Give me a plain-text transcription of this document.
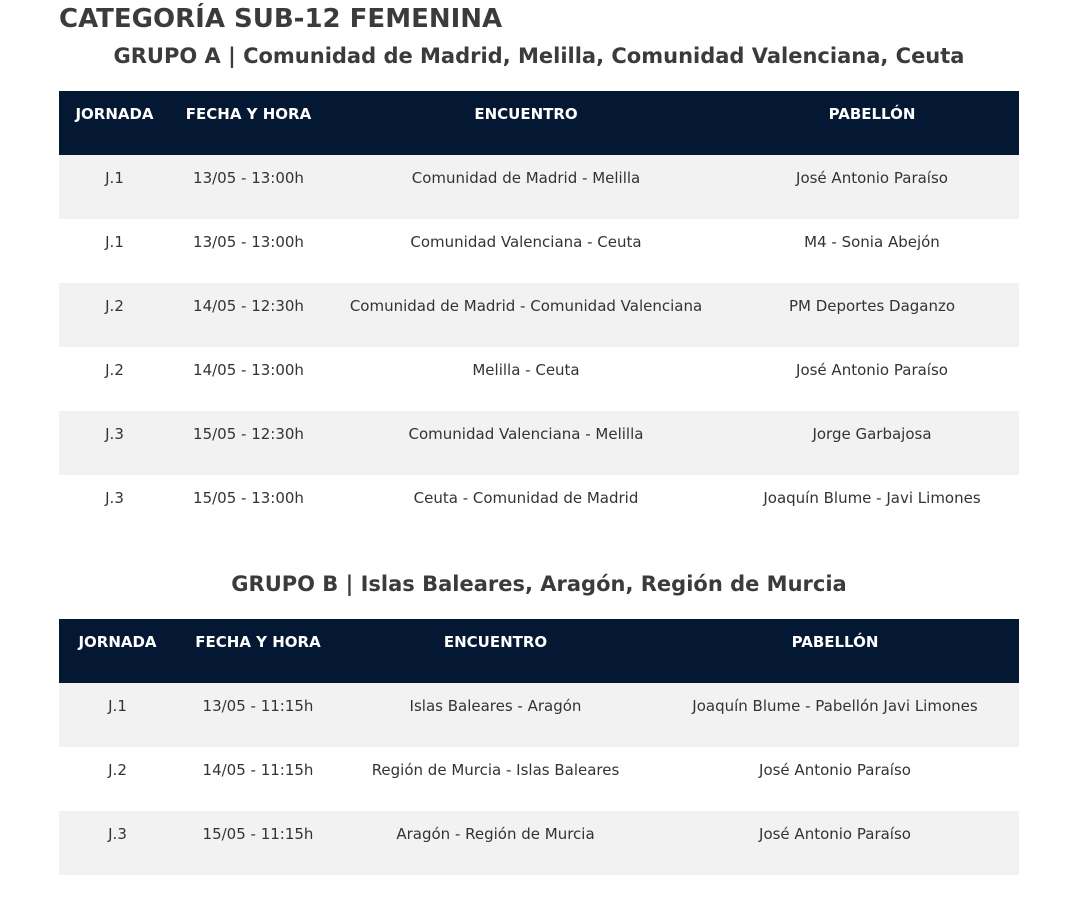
CATEGORÍA SUB-12 FEMENINA
GRUPO A | Comunidad de Madrid, Melilla, Comunidad Valenciana, Ceuta
JORNADA	FECHA Y HORA	ENCUENTRO	PABELLÓN

J.1	13/05 - 13:00h	Comunidad de Madrid - Melilla	José Antonio Paraíso

J.1	13/05 - 13:00h	Comunidad Valenciana - Ceuta	M4 - Sonia Abejón

J.2	14/05 - 12:30h	Comunidad de Madrid - Comunidad Valenciana	PM Deportes Daganzo

J.2	14/05 - 13:00h	Melilla - Ceuta	José Antonio Paraíso

J.3	15/05 - 12:30h	Comunidad Valenciana - Melilla	Jorge Garbajosa

J.3	15/05 - 13:00h	Ceuta - Comunidad de Madrid	Joaquín Blume - Javi Limones
GRUPO B | Islas Baleares, Aragón, Región de Murcia
JORNADA	FECHA Y HORA	ENCUENTRO	PABELLÓN

J.1	13/05 - 11:15h	Islas Baleares - Aragón	Joaquín Blume - Pabellón Javi Limones

J.2	14/05 - 11:15h	Región de Murcia - Islas Baleares	José Antonio Paraíso

J.3	15/05 - 11:15h	Aragón - Región de Murcia	José Antonio Paraíso
